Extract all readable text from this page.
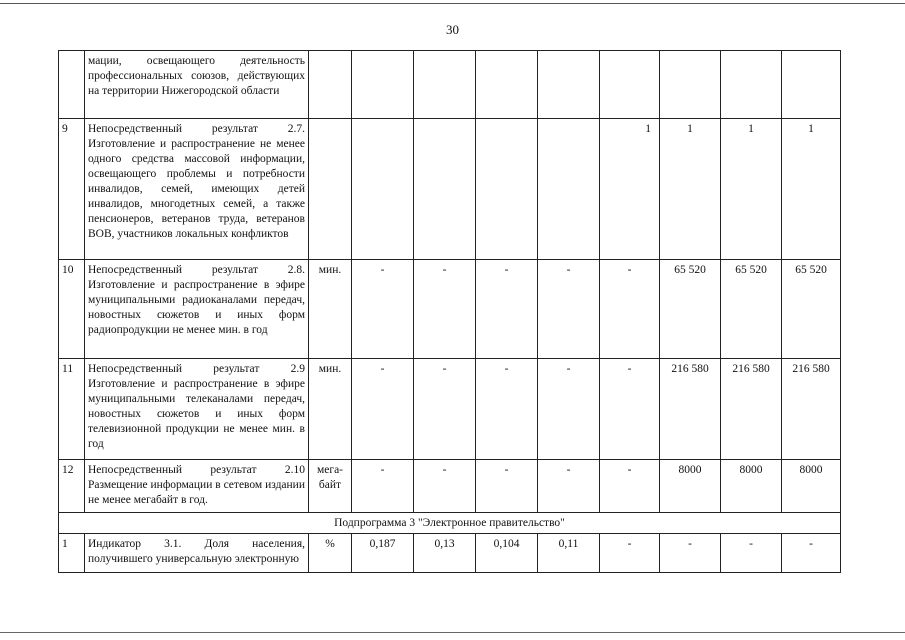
30
	мации, освещающего деятельность профессиональных союзов, действующих на территории Нижегородской области									
9	Непосредственный результат 2.7. Изготовление и распространение не менее одного средства массовой информации, освещающего проблемы и потребности инвалидов, семей, имеющих детей инвалидов, многодетных семей, а также пенсионеров, ветеранов труда, ветеранов ВОВ, участников локальных конфликтов						1	1	1	1
10	Непосредственный результат 2.8. Изготовление и распространение в эфире муниципальными радиоканалами передач, новостных сюжетов и иных форм радиопродукции не менее мин. в год	мин.	-	-	-	-	-	65 520	65 520	65 520
11	Непосредственный результат 2.9 Изготовление и распространение в эфире муниципальными телеканалами передач, новостных сюжетов и иных форм телевизионной продукции не менее мин. в год	мин.	-	-	-	-	-	216 580	216 580	216 580
12	Непосредственный результат 2.10 Размещение информации в сетевом издании не менее мегабайт в год.	мега-байт	-	-	-	-	-	8000	8000	8000
Подпрограмма 3 "Электронное правительство"										
1	Индикатор 3.1. Доля населения, получившего универсальную электронную	%	0,187	0,13	0,104	0,11	-	-	-	-
